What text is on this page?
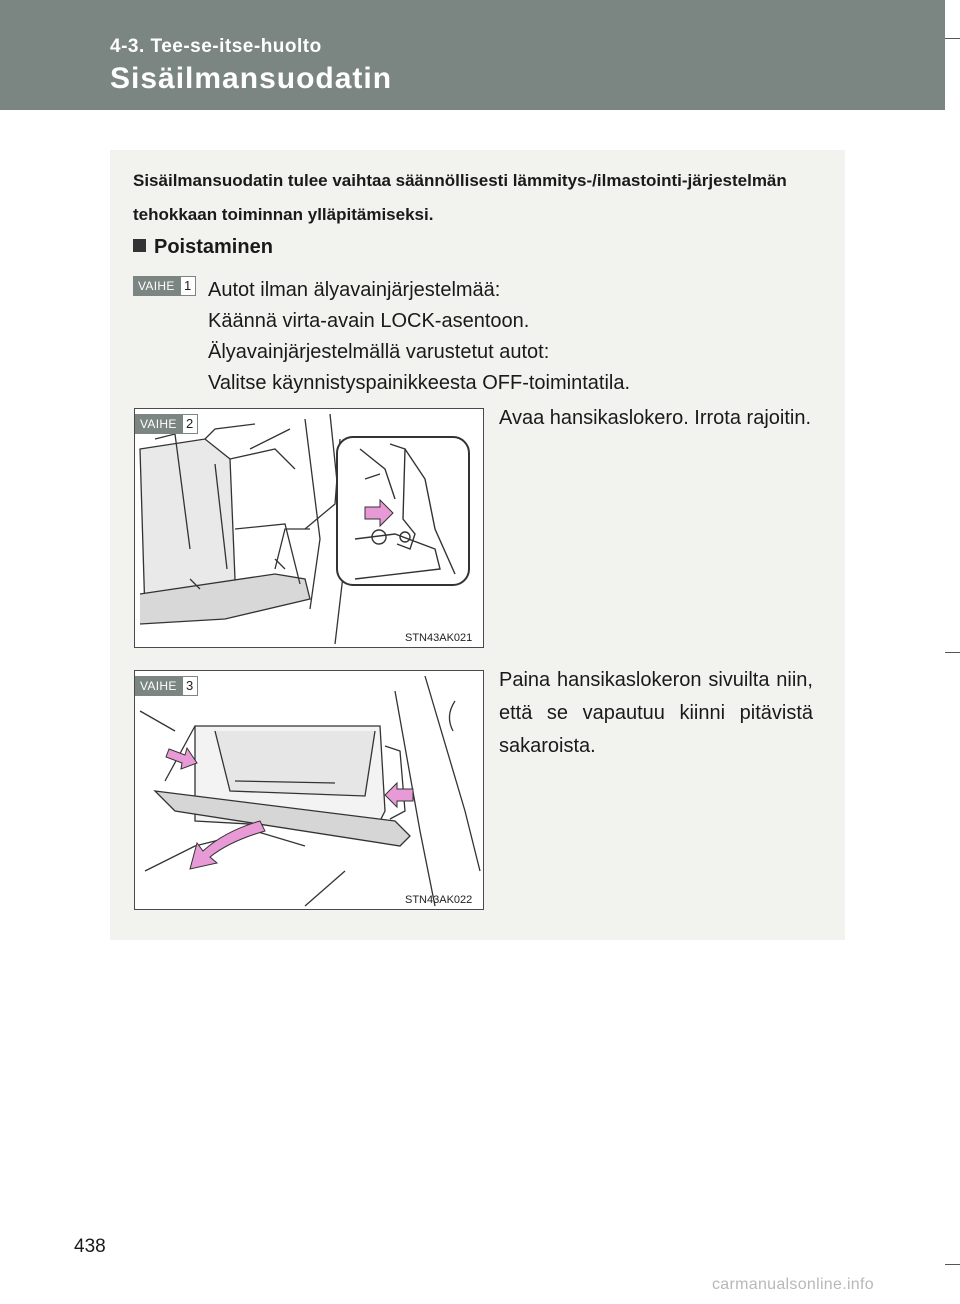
4-3. Tee-se-itse-huolto
Sisäilmansuodatin
Sisäilmansuodatin tulee vaihtaa säännöllisesti lämmitys-/ilmastointi-järjestelmän tehokkaan toiminnan ylläpitämiseksi.
Poistaminen
VAIHE 1 Autot ilman älyavainjärjestelmää:
Käännä virta-avain LOCK-asentoon.
Älyavainjärjestelmällä varustetut autot:
Valitse käynnistyspainikkeesta OFF-toimintatila.
STN43AK021
VAIHE 2	Avaa hansikaslokero. Irrota rajoitin.
STN43AK022
VAIHE 3	Paina hansikaslokeron sivuilta niin, että se vapautuu kiinni pitävistä sakaroista.
438
carmanualsonline.info
